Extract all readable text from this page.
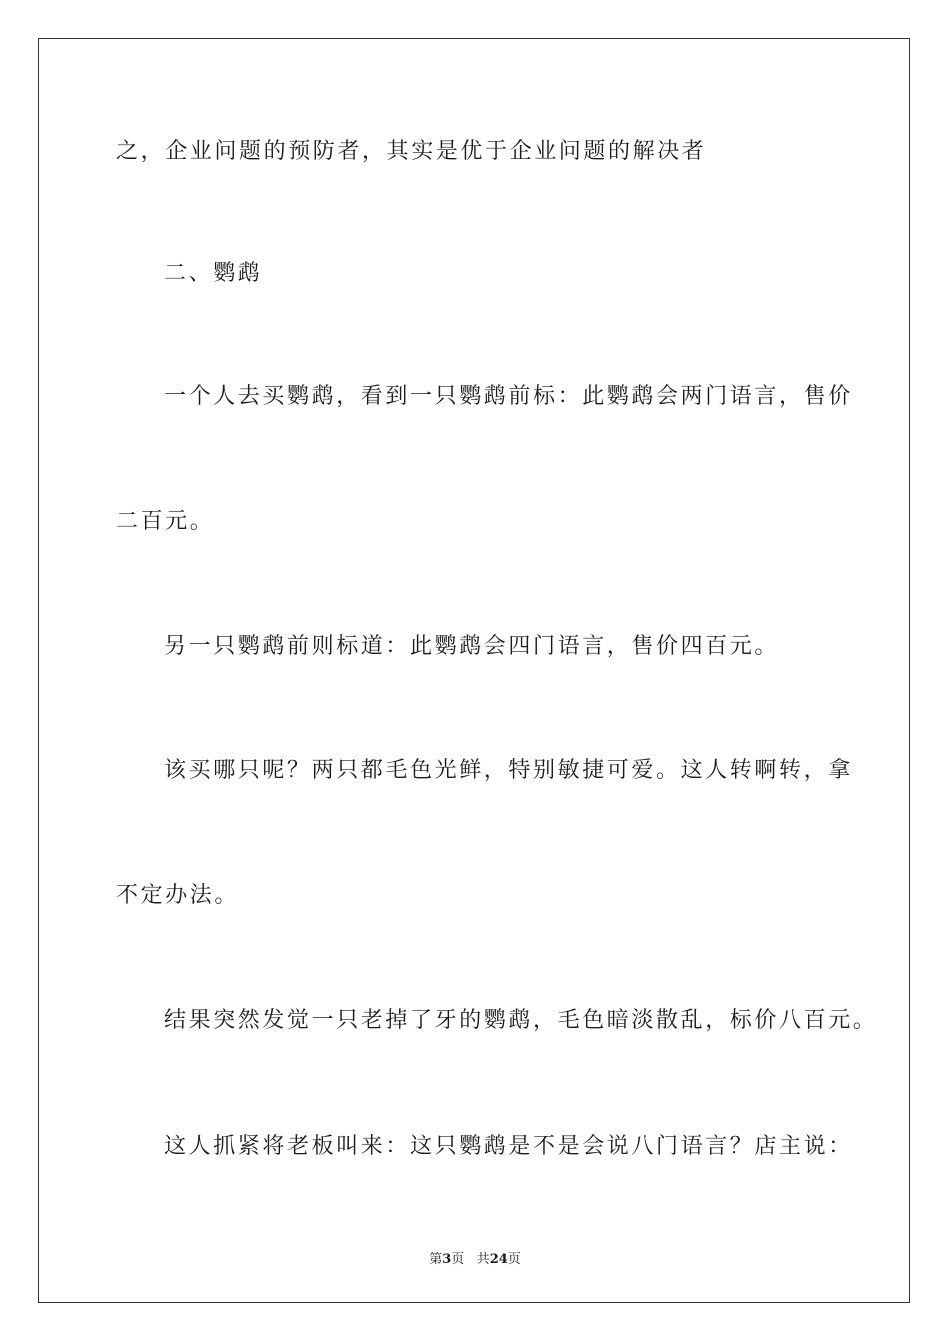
之，企业问题的预防者，其实是优于企业问题的解决者
二、鹦鹉
一个人去买鹦鹉，看到一只鹦鹉前标：此鹦鹉会两门语言，售价
二百元。
另一只鹦鹉前则标道：此鹦鹉会四门语言，售价四百元。
该买哪只呢？两只都毛色光鲜，特别敏捷可爱。这人转啊转，拿
不定办法。
结果突然发觉一只老掉了牙的鹦鹉，毛色暗淡散乱，标价八百元。
这人抓紧将老板叫来：这只鹦鹉是不是会说八门语言？店主说：
第3页 共24页
